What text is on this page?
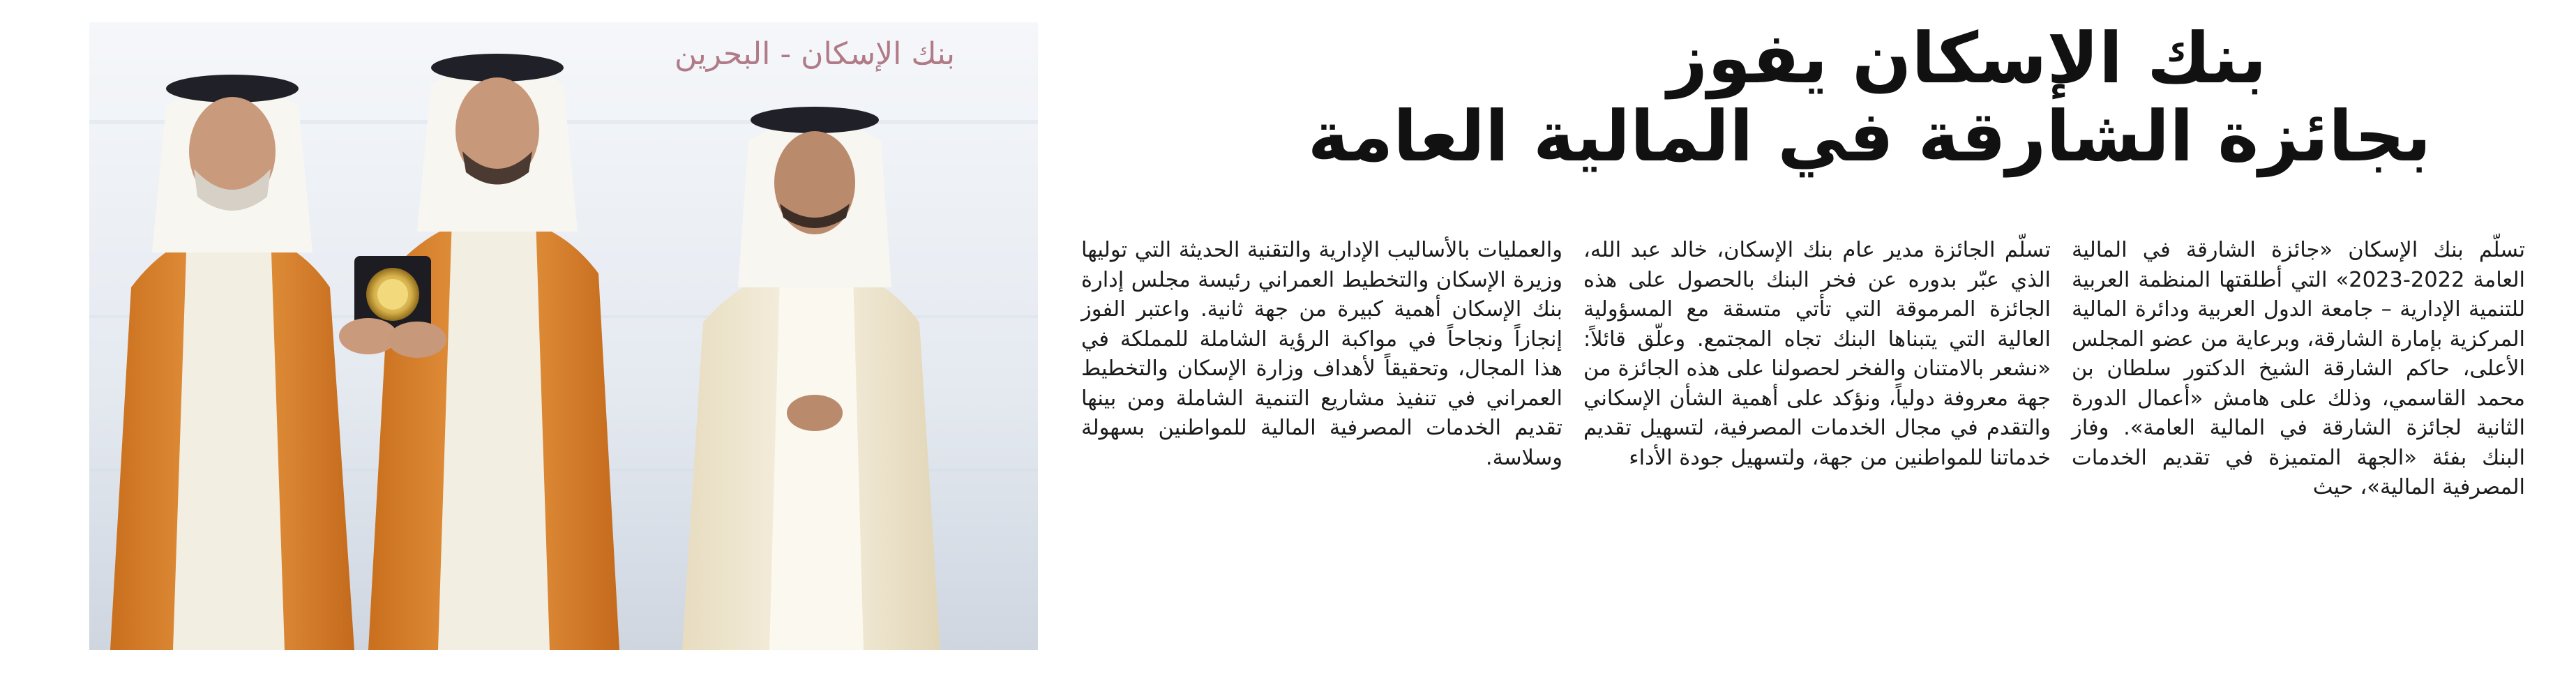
بنك الإسكان - البحرين	بنك الإسكان يفوز
بجائزة الشارقة في المالية العامة

تسلّم بنك الإسكان «جائزة الشارقة في المالية العامة 2022-2023» التي أطلقتها المنظمة العربية للتنمية الإدارية – جامعة الدول العربية ودائرة المالية المركزية بإمارة الشارقة، وبرعاية من عضو المجلس الأعلى، حاكم الشارقة الشيخ الدكتور سلطان بن محمد القاسمي، وذلك على هامش «أعمال الدورة الثانية لجائزة الشارقة في المالية العامة». وفاز البنك بفئة «الجهة المتميزة في تقديم الخدمات المصرفية المالية»، حيث

تسلّم الجائزة مدير عام بنك الإسكان، خالد عبد الله، الذي عبّر بدوره عن فخر البنك بالحصول على هذه الجائزة المرموقة التي تأتي متسقة مع المسؤولية العالية التي يتبناها البنك تجاه المجتمع. وعلّق قائلاً: «نشعر بالامتنان والفخر لحصولنا على هذه الجائزة من جهة معروفة دولياً، ونؤكد على أهمية الشأن الإسكاني والتقدم في مجال الخدمات المصرفية، لتسهيل تقديم خدماتنا للمواطنين من جهة، ولتسهيل جودة الأداء

والعمليات بالأساليب الإدارية والتقنية الحديثة التي توليها وزيرة الإسكان والتخطيط العمراني رئيسة مجلس إدارة بنك الإسكان أهمية كبيرة من جهة ثانية. واعتبر الفوز إنجازاً ونجاحاً في مواكبة الرؤية الشاملة للمملكة في هذا المجال، وتحقيقاً لأهداف وزارة الإسكان والتخطيط العمراني في تنفيذ مشاريع التنمية الشاملة ومن بينها تقديم الخدمات المصرفية المالية للمواطنين بسهولة وسلاسة.
